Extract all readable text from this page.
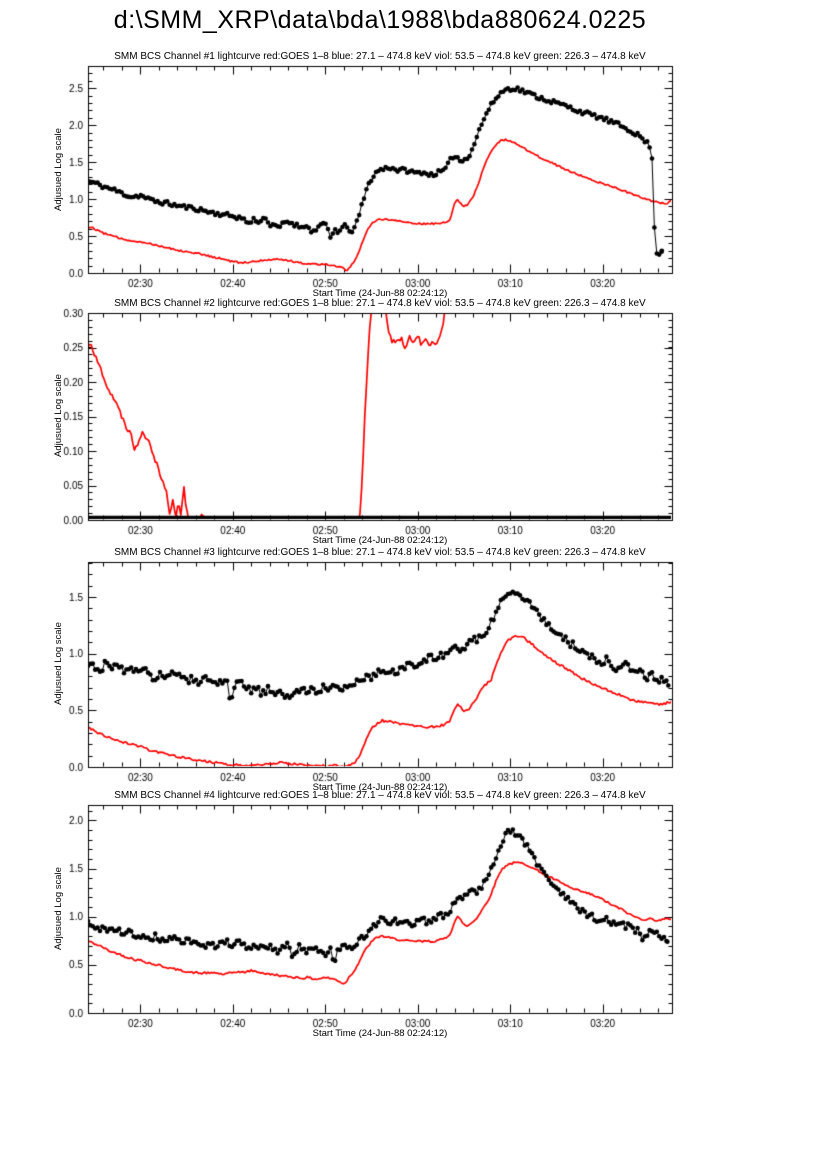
d:\SMM_XRP\data\bda\1988\bda880624.0225
SMM BCS Channel #1 lightcurve red:GOES 1–8 blue: 27.1 – 474.8 keV viol: 53.5 – 474.8 keV green: 226.3 – 474.8 keV
Adjusued Log scale
Start Time (24-Jun-88 02:24:12)
SMM BCS Channel #2 lightcurve red:GOES 1–8 blue: 27.1 – 474.8 keV viol: 53.5 – 474.8 keV green: 226.3 – 474.8 keV
Adjusued Log scale
Start Time (24-Jun-88 02:24:12)
SMM BCS Channel #3 lightcurve red:GOES 1–8 blue: 27.1 – 474.8 keV viol: 53.5 – 474.8 keV green: 226.3 – 474.8 keV
Adjusued Log scale
Start Time (24-Jun-88 02:24:12)
SMM BCS Channel #4 lightcurve red:GOES 1–8 blue: 27.1 – 474.8 keV viol: 53.5 – 474.8 keV green: 226.3 – 474.8 keV
Adjusued Log scale
Start Time (24-Jun-88 02:24:12)
